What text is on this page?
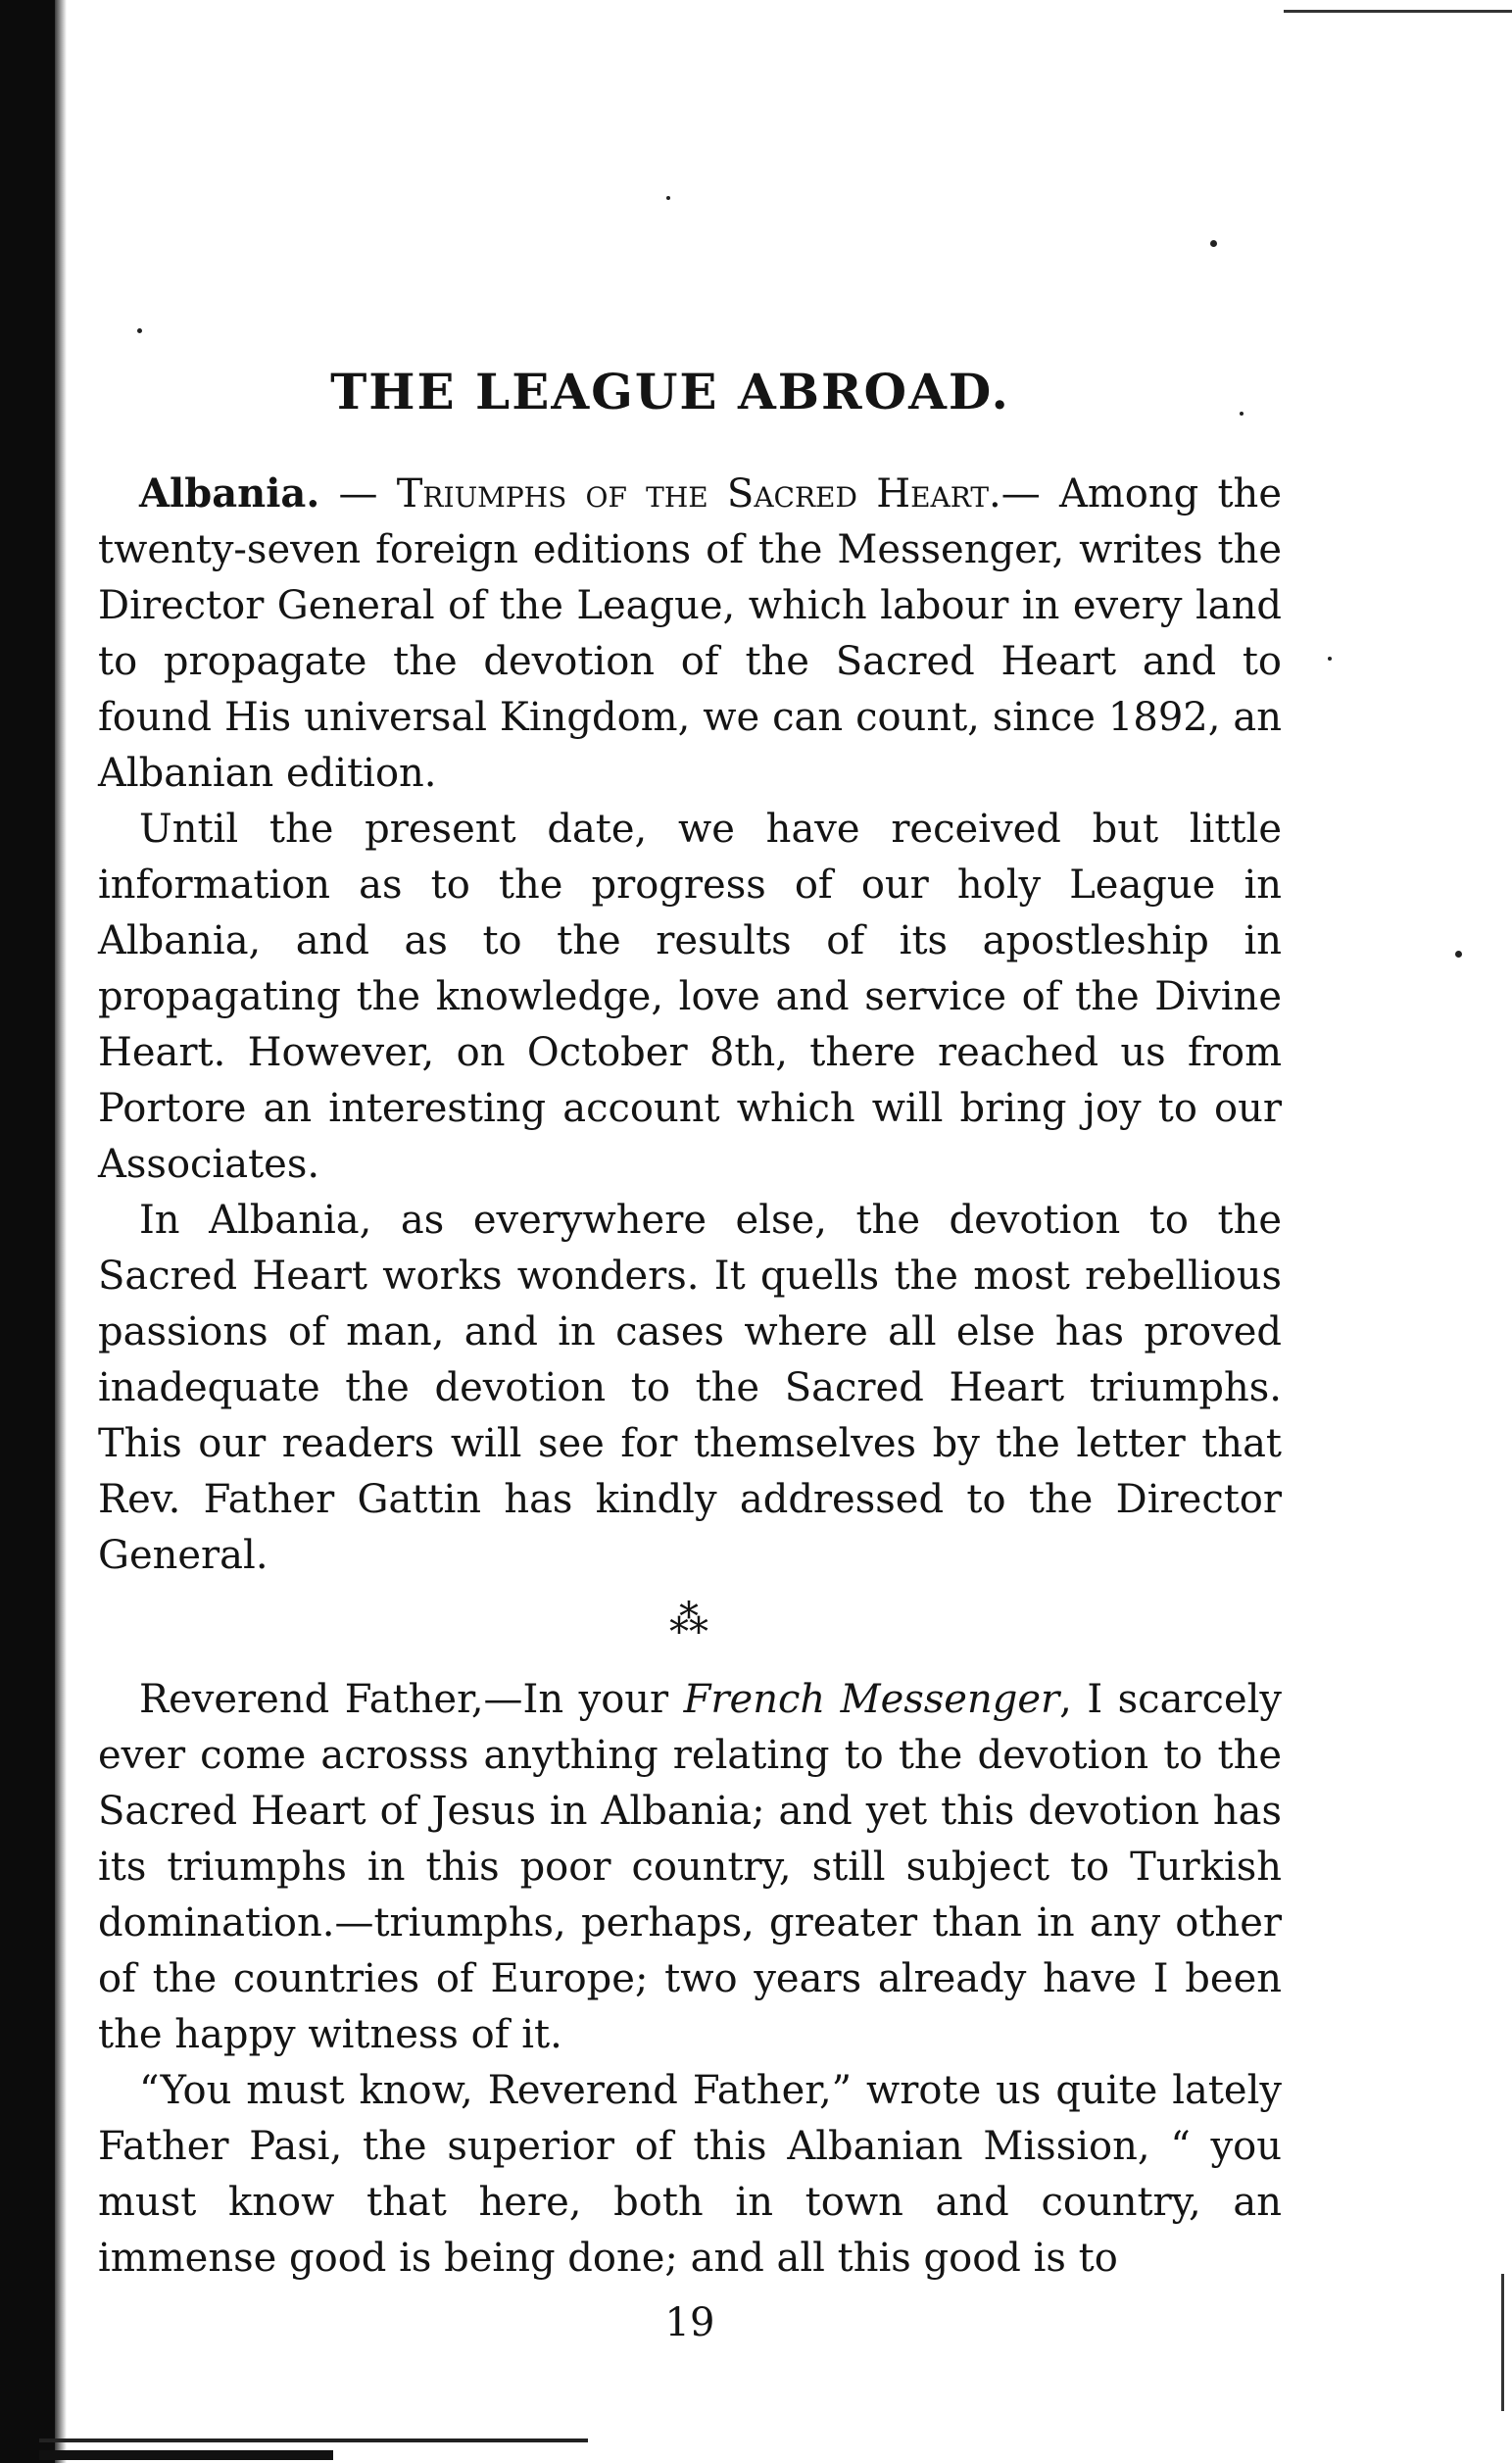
THE LEAGUE ABROAD.

Albania. — Triumphs of the Sacred Heart.— Among the twenty-seven foreign editions of the Messenger, writes the Director General of the League, which labour in every land to propagate the devotion of the Sacred Heart and to found His universal Kingdom, we can count, since 1892, an Albanian edition.

Until the present date, we have received but little information as to the progress of our holy League in Albania, and as to the results of its apostleship in propagating the knowledge, love and service of the Divine Heart. However, on October 8th, there reached us from Portore an interesting account which will bring joy to our Associates.

In Albania, as everywhere else, the devotion to the Sacred Heart works wonders. It quells the most rebellious passions of man, and in cases where all else has proved inadequate the devotion to the Sacred Heart triumphs. This our readers will see for themselves by the letter that Rev. Father Gattin has kindly addressed to the Director General.

⁂

Reverend Father,—In your French Messenger, I scarcely ever come acrosss anything relating to the devotion to the Sacred Heart of Jesus in Albania; and yet this devotion has its triumphs in this poor country, still subject to Turkish domination.—triumphs, perhaps, greater than in any other of the countries of Europe; two years already have I been the happy witness of it.

“You must know, Reverend Father,” wrote us quite lately Father Pasi, the superior of this Albanian Mission, “ you must know that here, both in town and country, an immense good is being done; and all this good is to

19
